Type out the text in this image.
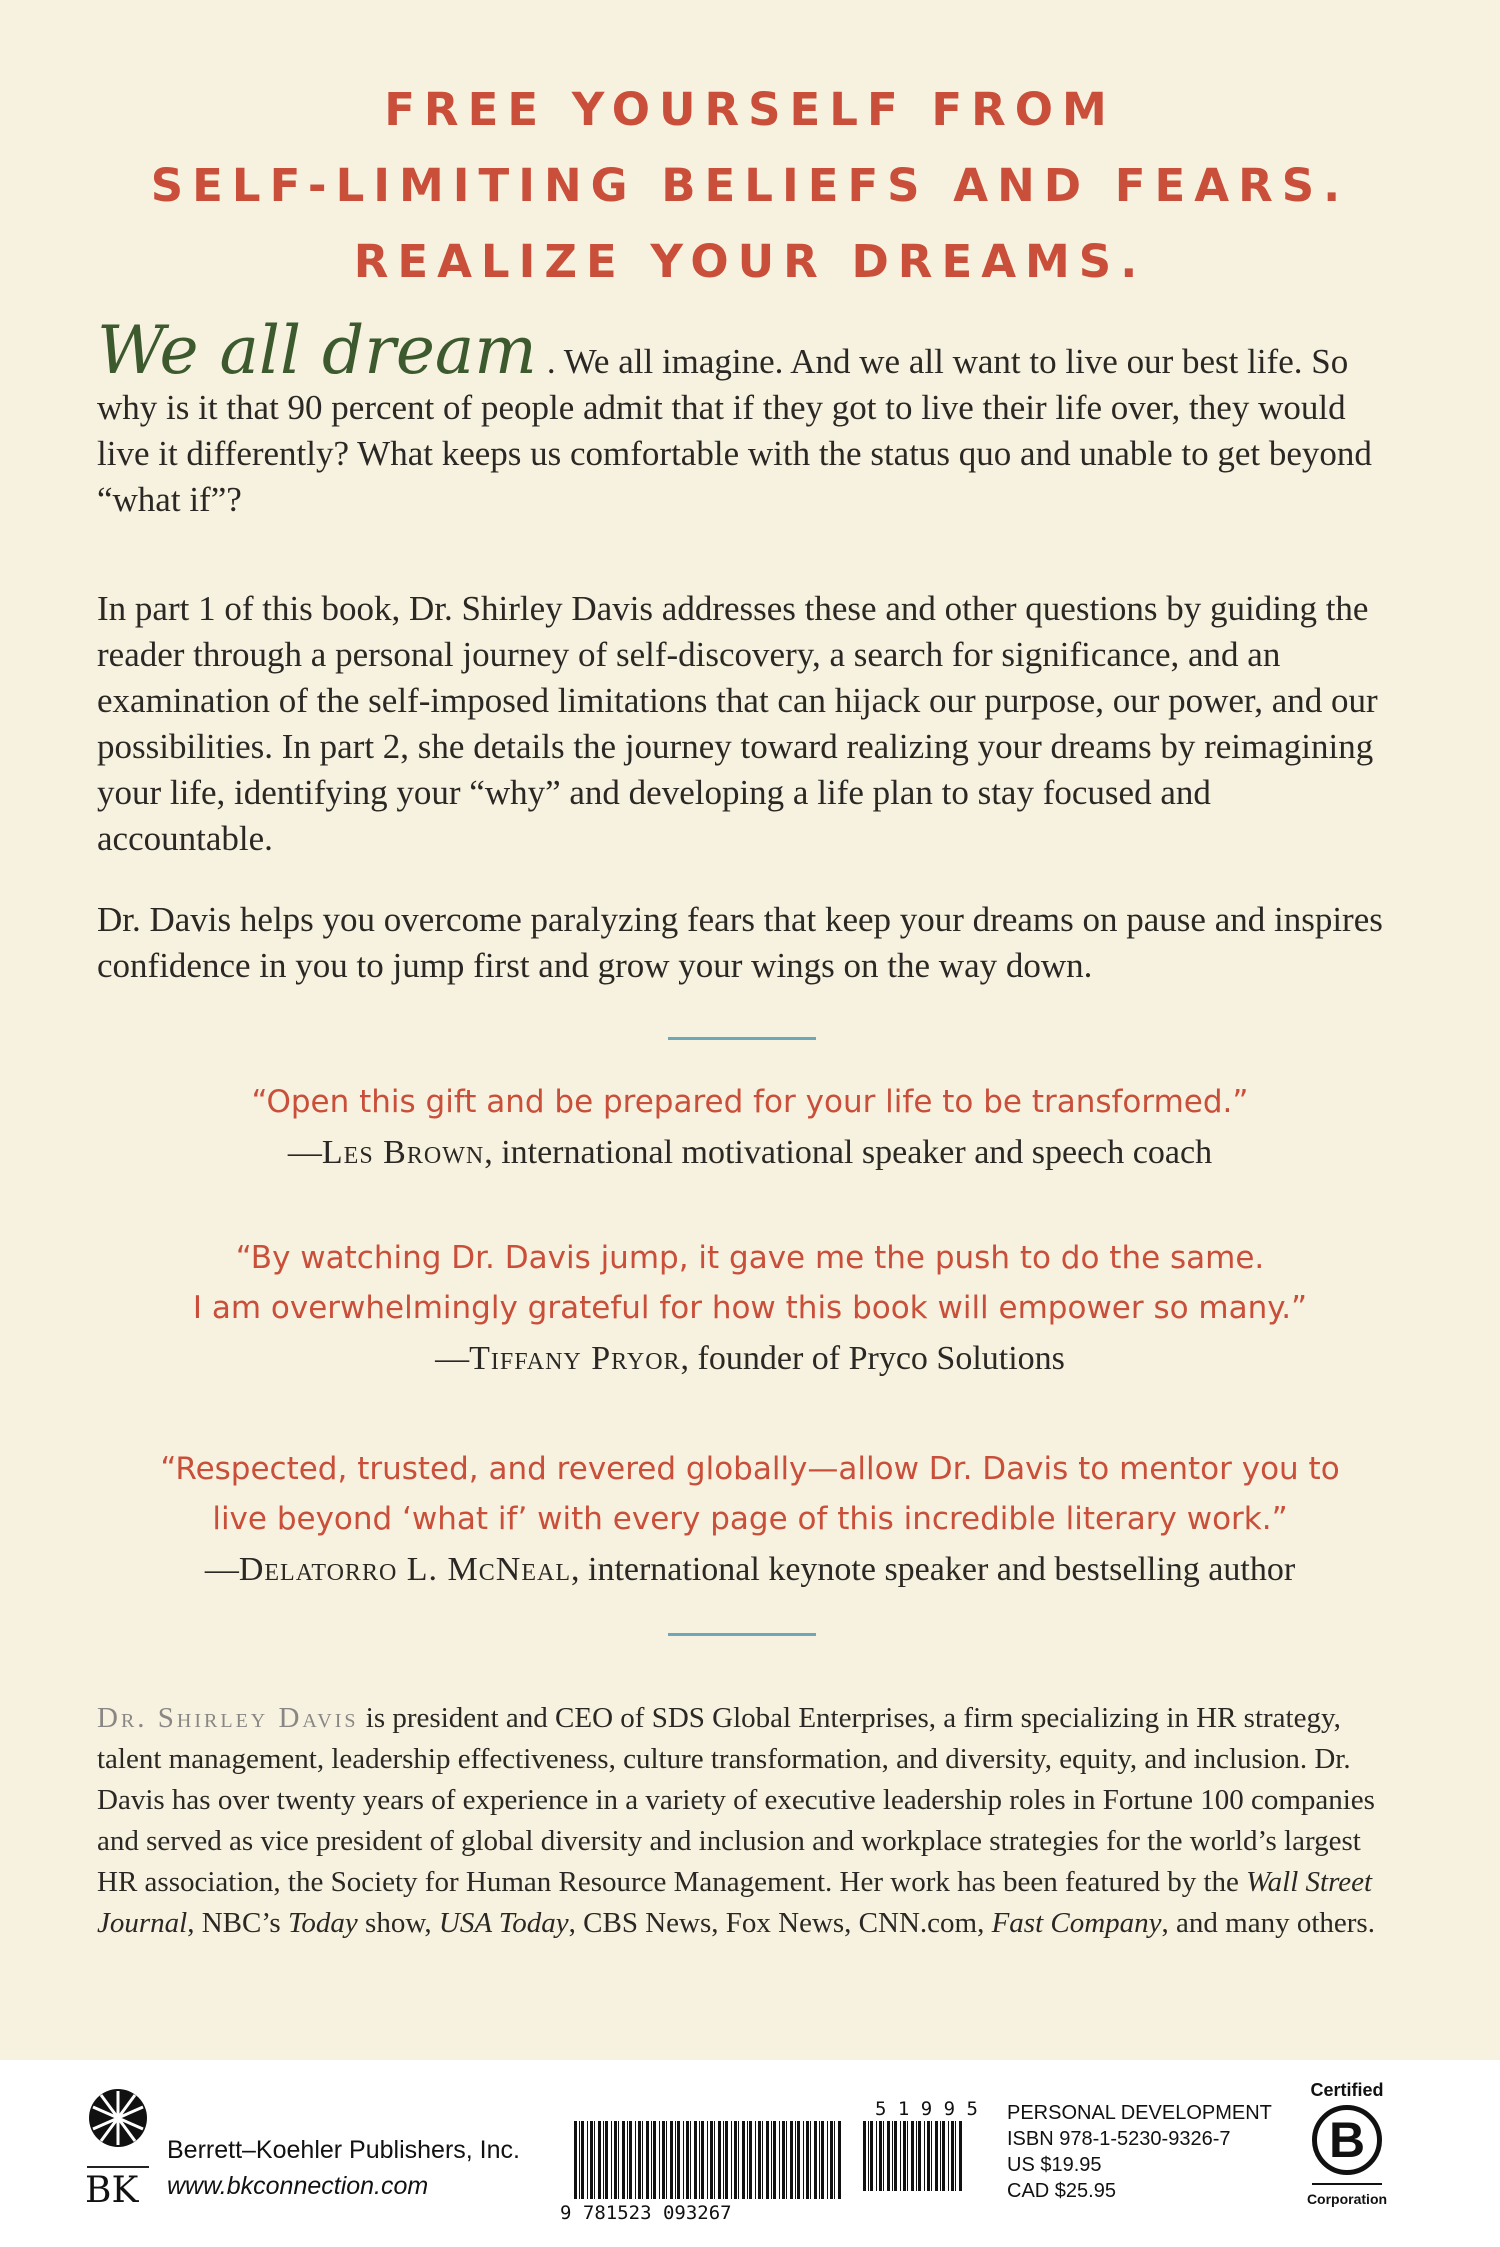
FREE YOURSELF FROM
SELF-LIMITING BELIEFS AND FEARS.
REALIZE YOUR DREAMS.
We all dream . We all imagine. And we all want to live our best life. So why is it that 90 percent of people admit that if they got to live their life over, they would live it differently? What keeps us comfortable with the status quo and unable to get beyond “what if”?
In part 1 of this book, Dr. Shirley Davis addresses these and other questions by guiding the reader through a personal journey of self-discovery, a search for significance, and an examination of the self-imposed limitations that can hijack our purpose, our power, and our possibilities. In part 2, she details the journey toward realizing your dreams by reimagining your life, identifying your “why” and developing a life plan to stay focused and accountable.
Dr. Davis helps you overcome paralyzing fears that keep your dreams on pause and inspires confidence in you to jump first and grow your wings on the way down.
“Open this gift and be prepared for your life to be transformed.”
—Les Brown, international motivational speaker and speech coach
“By watching Dr. Davis jump, it gave me the push to do the same.
I am overwhelmingly grateful for how this book will empower so many.”
—Tiffany Pryor, founder of Pryco Solutions
“Respected, trusted, and revered globally—allow Dr. Davis to mentor you to
live beyond ‘what if’ with every page of this incredible literary work.”
—Delatorro L. McNeal, international keynote speaker and bestselling author
Dr. Shirley Davis is president and CEO of SDS Global Enterprises, a firm specializing in HR strategy, talent management, leadership effectiveness, culture transformation, and diversity, equity, and inclusion. Dr. Davis has over twenty years of experience in a variety of executive leadership roles in Fortune 100 companies and served as vice president of global diversity and inclusion and workplace strategies for the world’s largest HR association, the Society for Human Resource Management. Her work has been featured by the Wall Street Journal, NBC’s Today show, USA Today, CBS News, Fox News, CNN.com, Fast Company, and many others.
BK
Berrett–Koehler Publishers, Inc.
www.bkconnection.com
9 781523 093267
5 1 9 9 5 PERSONAL DEVELOPMENT
ISBN 978-1-5230-9326-7
US $19.95
CAD $25.95
Certified
B
Corporation
